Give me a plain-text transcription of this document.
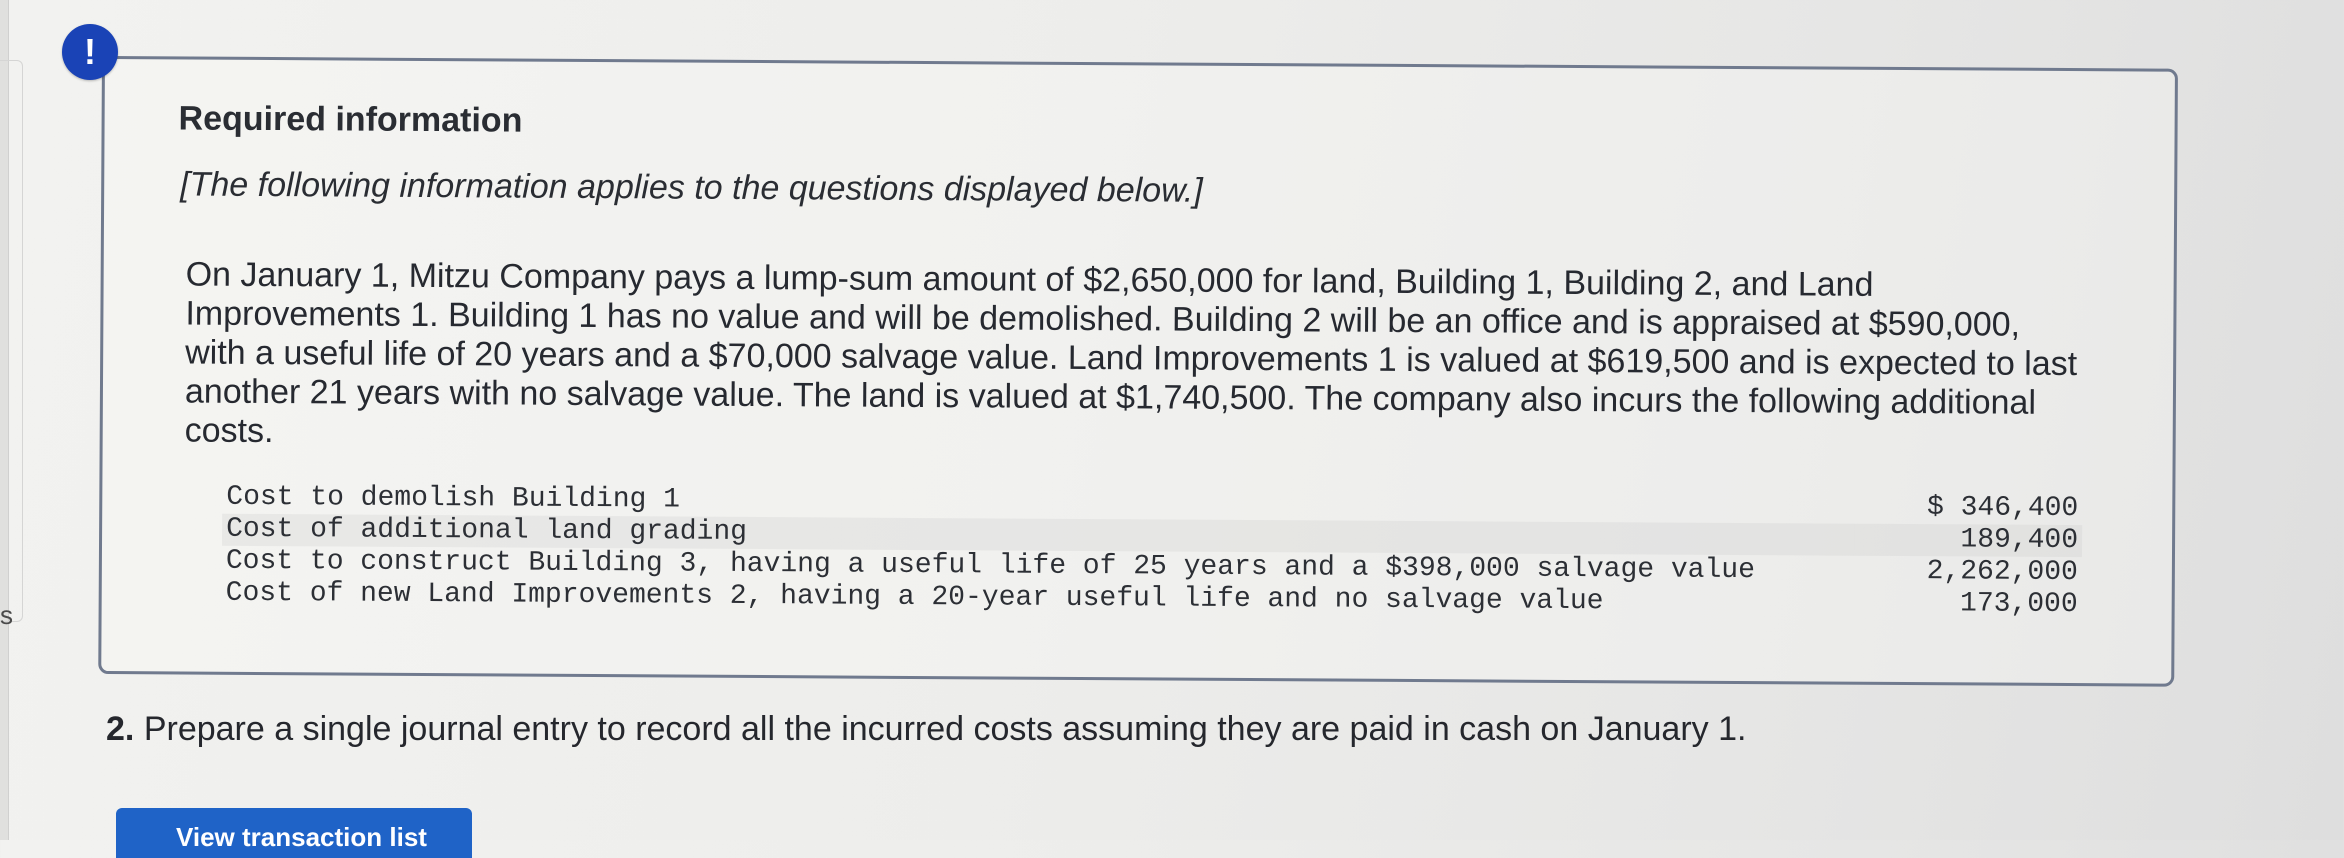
s
!
Required information
[The following information applies to the questions displayed below.]
On January 1, Mitzu Company pays a lump-sum amount of $2,650,000 for land, Building 1, Building 2, and Land Improvements 1. Building 1 has no value and will be demolished. Building 2 will be an office and is appraised at $590,000, with a useful life of 20 years and a $70,000 salvage value. Land Improvements 1 is valued at $619,500 and is expected to last another 21 years with no salvage value. The land is valued at $1,740,500. The company also incurs the following additional costs.
Cost to demolish Building 1	$ 346,400
Cost of additional land grading	189,400
Cost to construct Building 3, having a useful life of 25 years and a $398,000 salvage value	2,262,000
Cost of new Land Improvements 2, having a 20-year useful life and no salvage value	173,000
2. Prepare a single journal entry to record all the incurred costs assuming they are paid in cash on January 1.
View transaction list
